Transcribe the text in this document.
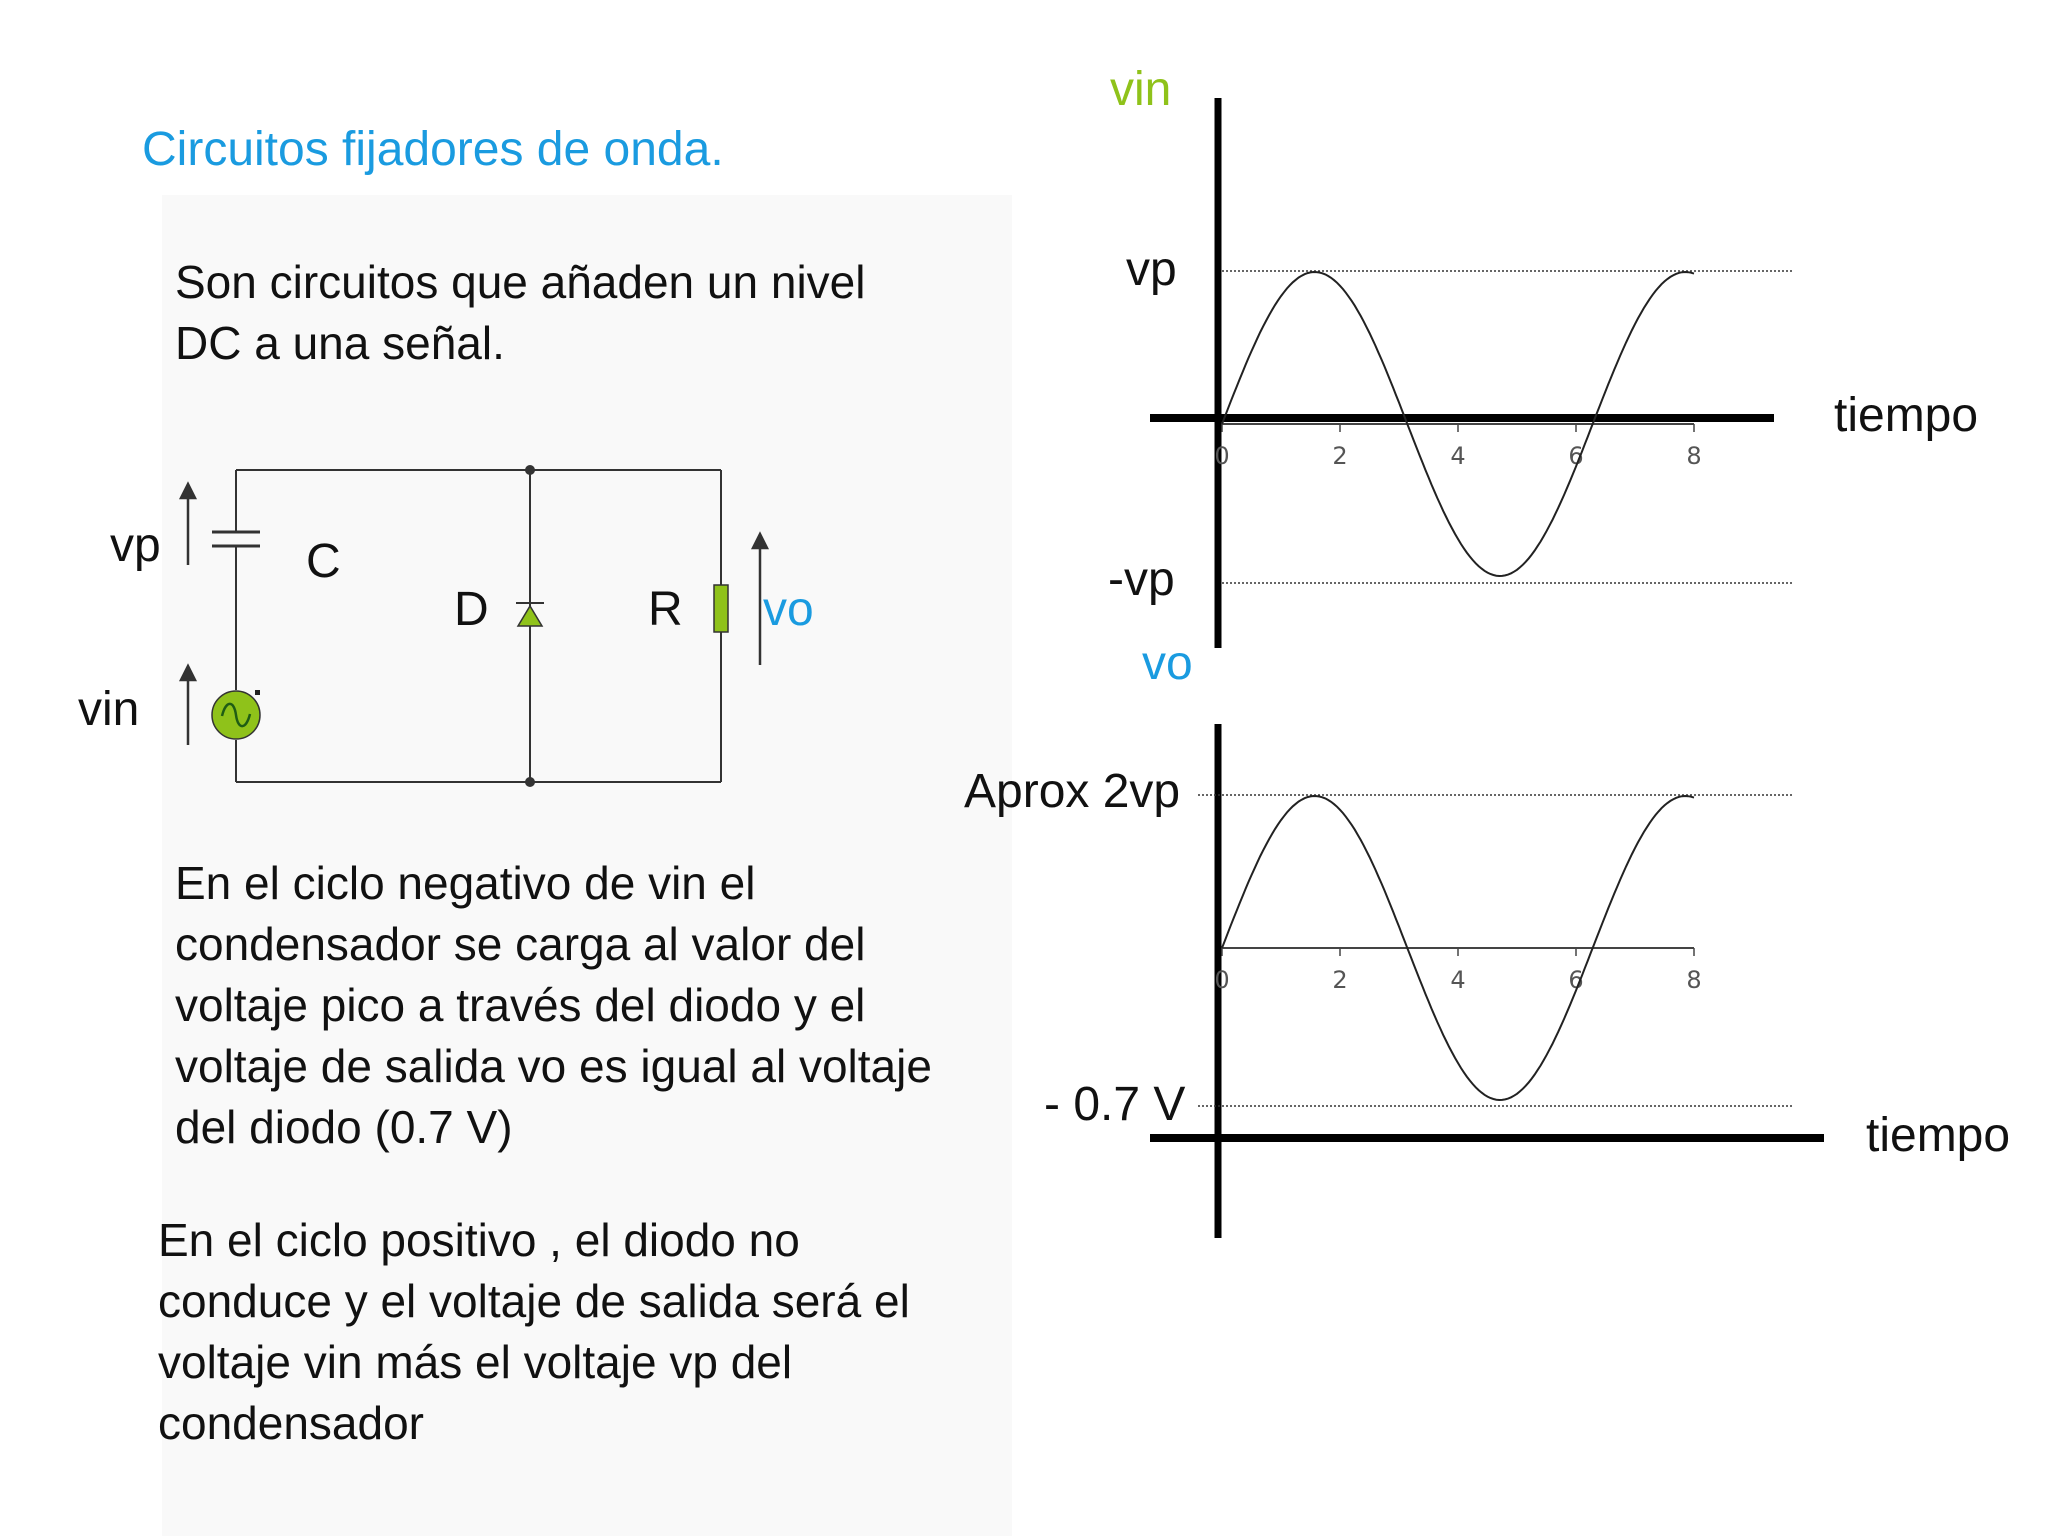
Circuitos fijadores de onda.
Son circuitos que añaden un nivel
DC a una señal.
En el ciclo negativo de vin el
condensador se carga al valor del
voltaje pico a través del diodo y el
voltaje de salida vo es igual al voltaje
del diodo (0.7 V)
En el ciclo positivo , el diodo no
conduce y el voltaje de salida será el
voltaje vin más el voltaje vp del
condensador
vp	C
D	R vo
vin
0	2	4	6	8
0	2	4	6	8
vin
vp
-vp
tiempo
vo
Aprox 2vp
- 0.7 V
tiempo
